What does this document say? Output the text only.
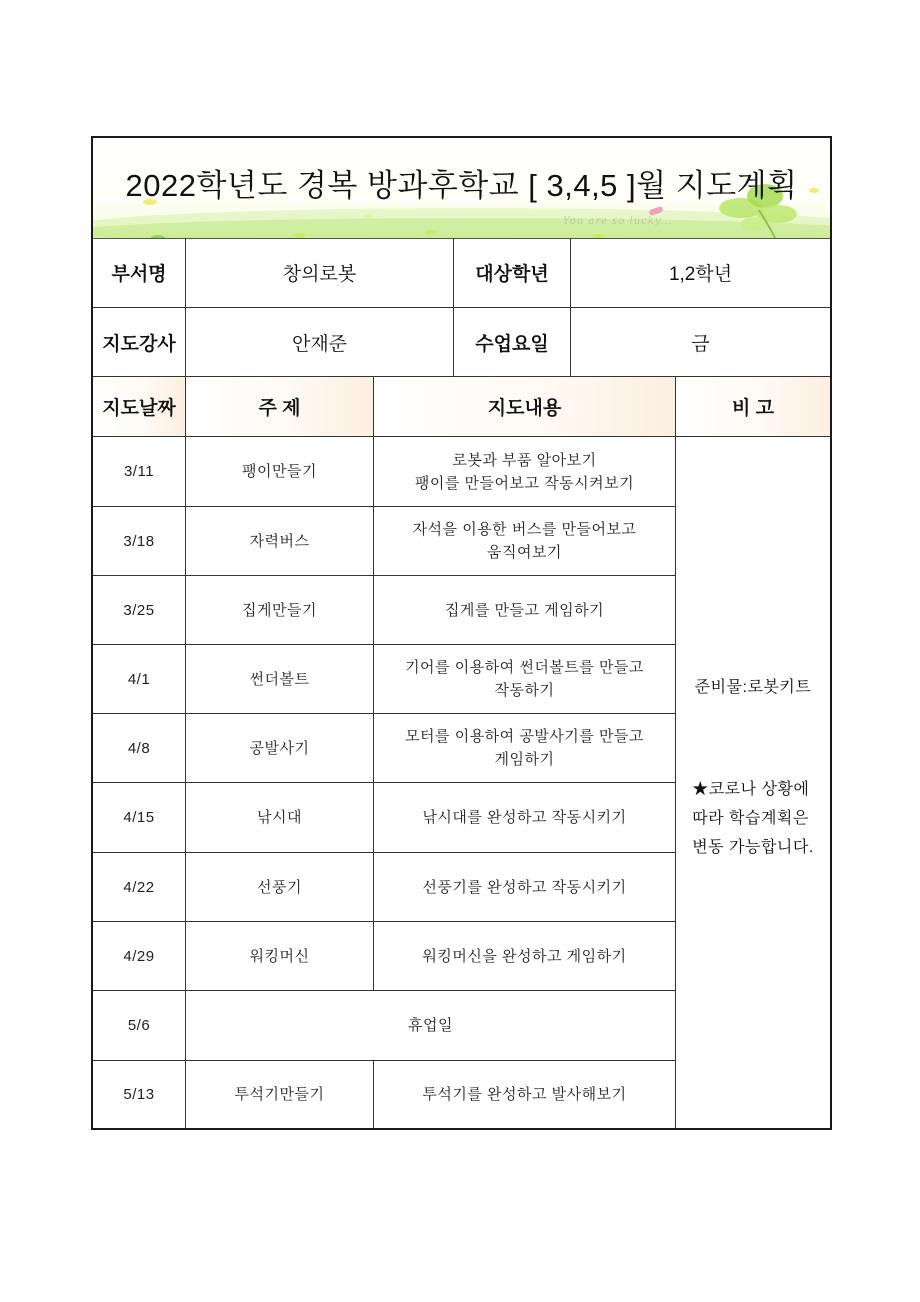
You are so lucky...
2022학년도 경복 방과후학교 [ 3,4,5 ]월 지도계획
부서명	창의로봇	대상학년	1,2학년
지도강사	안재준	수업요일	금
지도날짜	주 제	지도내용	비 고
3/11	팽이만들기
로봇과 부품 알아보기
팽이를 만들어보고 작동시켜보기
3/18	자력버스
자석을 이용한 버스를 만들어보고
움직여보기
3/25	집게만들기	집게를 만들고 게임하기
4/1	썬더볼트
기어를 이용하여 썬더볼트를 만들고
작동하기
4/8	공발사기
모터를 이용하여 공발사기를 만들고
게임하기
4/15	낚시대	낚시대를 완성하고 작동시키기
4/22	선풍기	선풍기를 완성하고 작동시키기
4/29	워킹머신	워킹머신을 완성하고 게임하기
5/6	휴업일
5/13	투석기만들기	투석기를 완성하고 발사해보기
준비물:로봇키트
★코로나 상황에
따라 학습계획은
변동 가능합니다.
